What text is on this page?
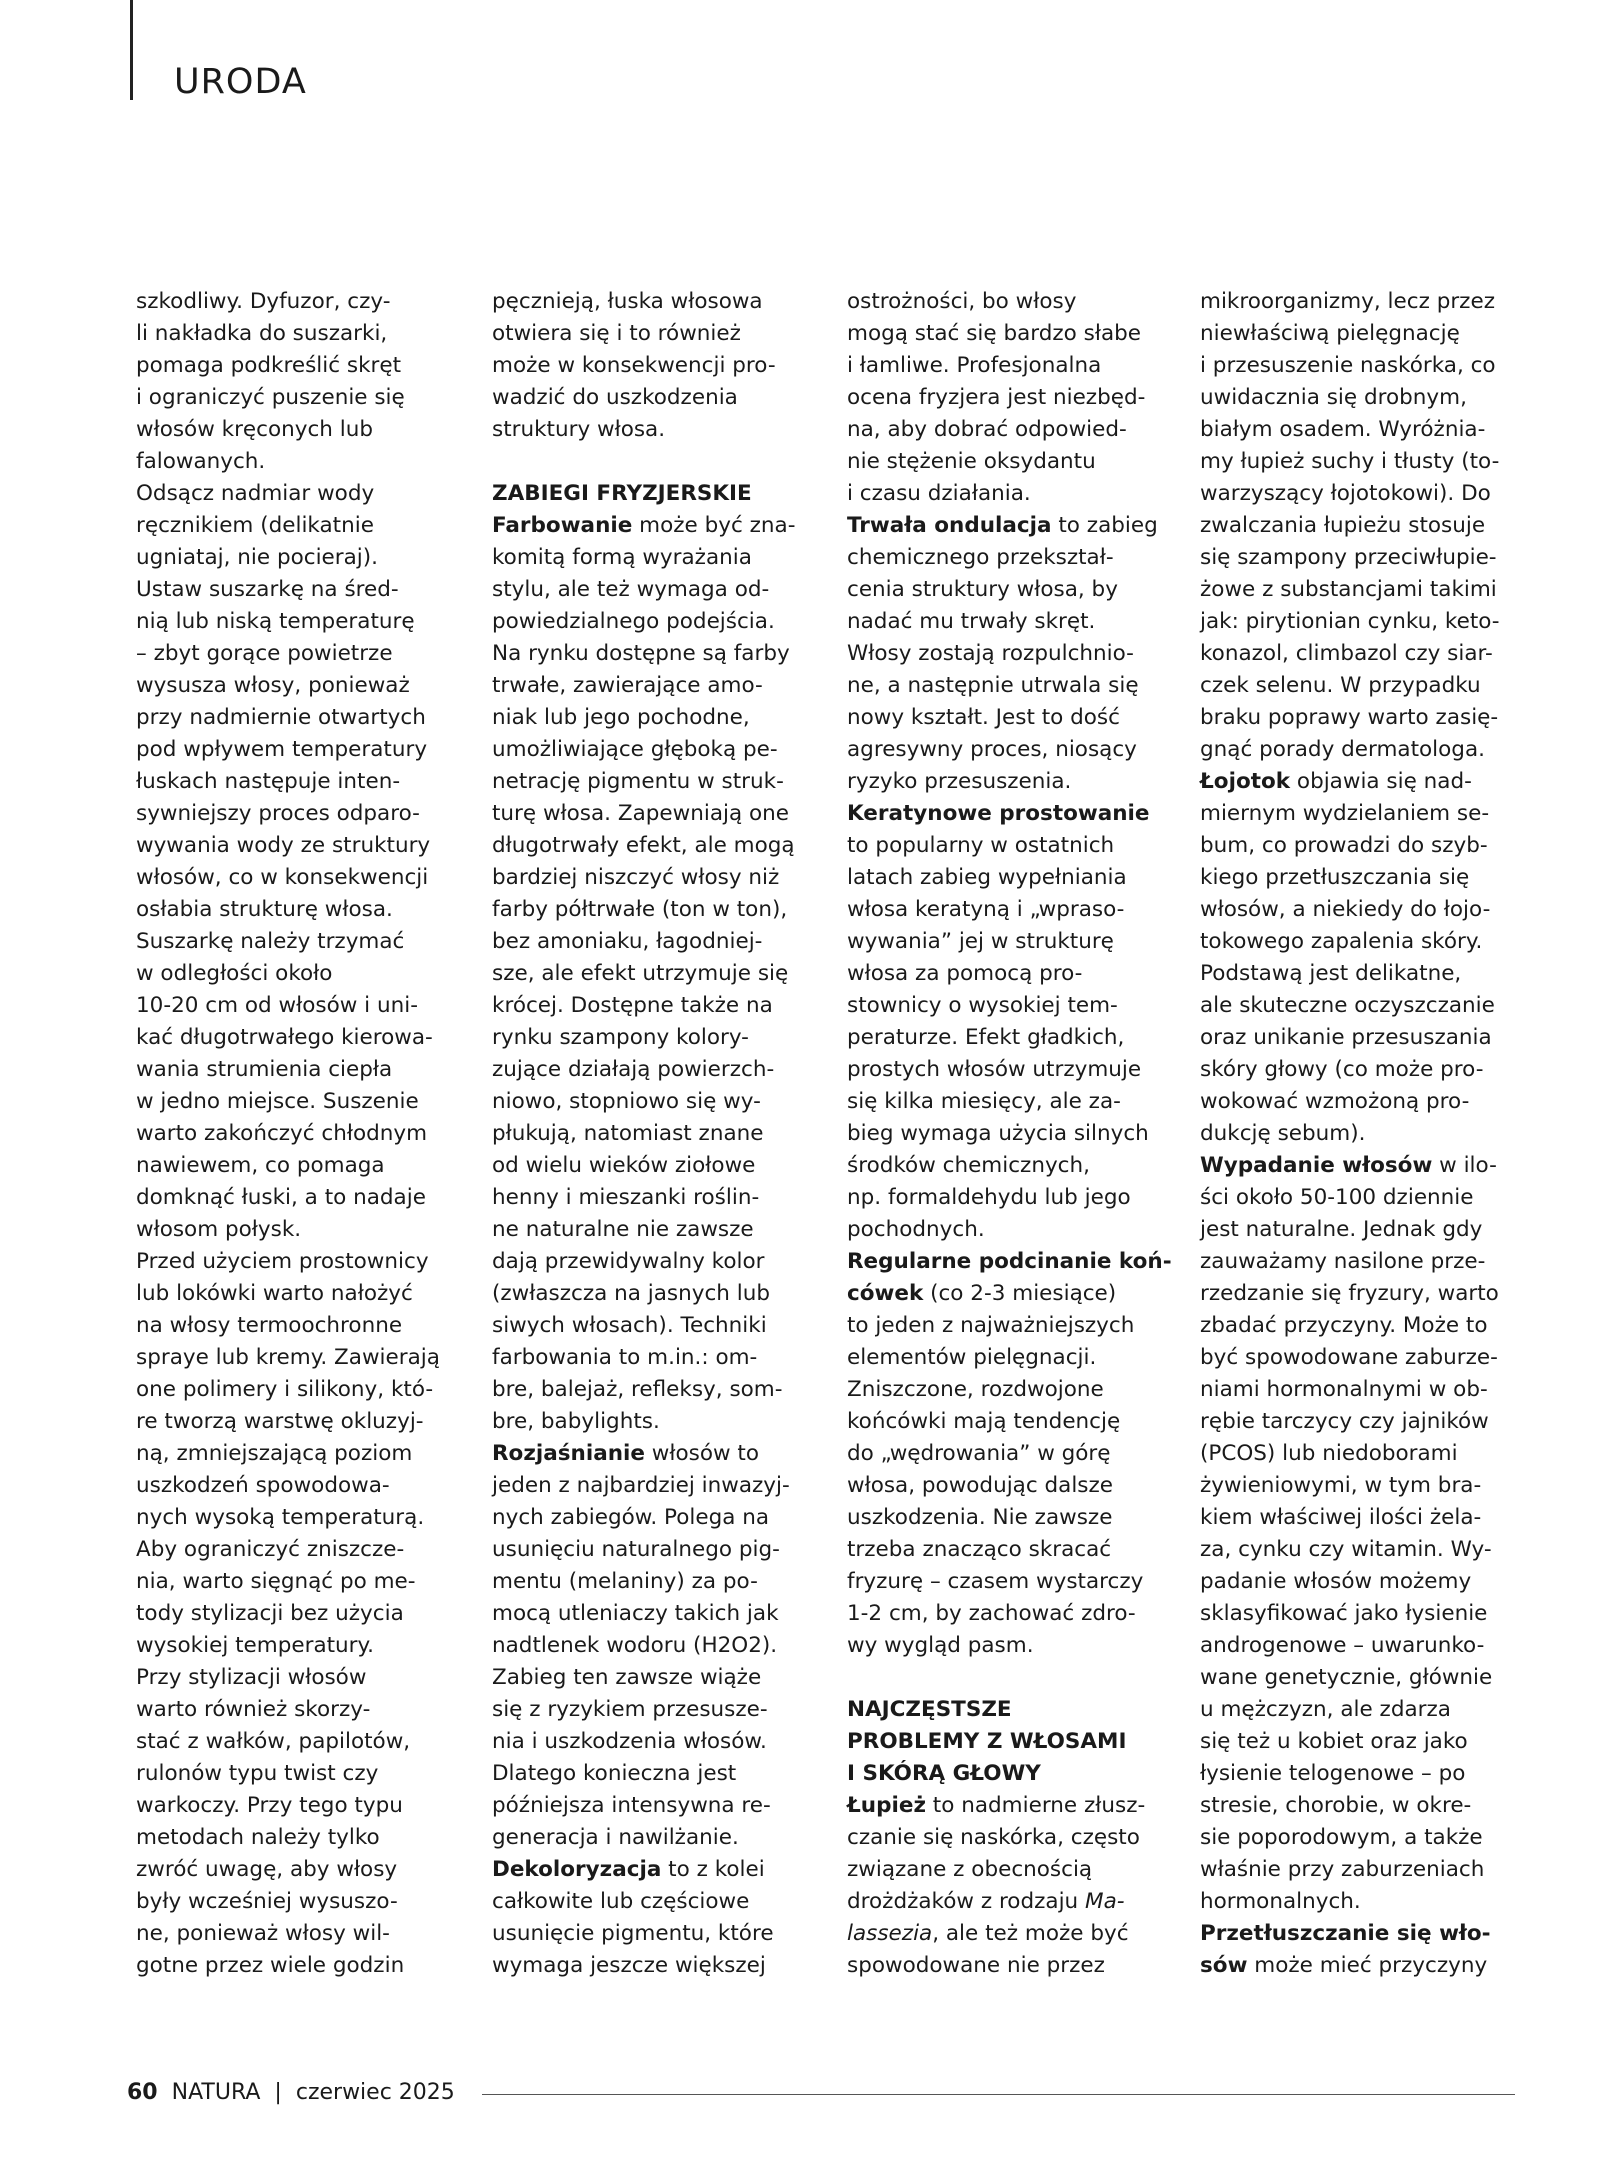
URODA
szkodliwy. Dyfuzor, czy-
li nakładka do suszarki,
pomaga podkreślić skręt
i ograniczyć puszenie się
włosów kręconych lub
falowanych.
Odsącz nadmiar wody
ręcznikiem (delikatnie
ugniataj, nie pocieraj).
Ustaw suszarkę na śred-
nią lub niską temperaturę
– zbyt gorące powietrze
wysusza włosy, ponieważ
przy nadmiernie otwartych
pod wpływem temperatury
łuskach następuje inten-
sywniejszy proces odparo-
wywania wody ze struktury
włosów, co w konsekwencji
osłabia strukturę włosa.
Suszarkę należy trzymać
w odległości około
10-20 cm od włosów i uni-
kać długotrwałego kierowa-
wania strumienia ciepła
w jedno miejsce. Suszenie
warto zakończyć chłodnym
nawiewem, co pomaga
domknąć łuski, a to nadaje
włosom połysk.
Przed użyciem prostownicy
lub lokówki warto nałożyć
na włosy termoochronne
spraye lub kremy. Zawierają
one polimery i silikony, któ-
re tworzą warstwę okluzyj-
ną, zmniejszającą poziom
uszkodzeń spowodowa-
nych wysoką temperaturą.
Aby ograniczyć zniszcze-
nia, warto sięgnąć po me-
tody stylizacji bez użycia
wysokiej temperatury.
Przy stylizacji włosów
warto również skorzy-
stać z wałków, papilotów,
rulonów typu twist czy
warkoczy. Przy tego typu
metodach należy tylko
zwróć uwagę, aby włosy
były wcześniej wysuszo-
ne, ponieważ włosy wil-
gotne przez wiele godzin
pęcznieją, łuska włosowa
otwiera się i to również
może w konsekwencji pro-
wadzić do uszkodzenia
struktury włosa.
ZABIEGI FRYZJERSKIE
Farbowanie może być zna-
komitą formą wyrażania
stylu, ale też wymaga od-
powiedzialnego podejścia.
Na rynku dostępne są farby
trwałe, zawierające amo-
niak lub jego pochodne,
umożliwiające głęboką pe-
netrację pigmentu w struk-
turę włosa. Zapewniają one
długotrwały efekt, ale mogą
bardziej niszczyć włosy niż
farby półtrwałe (ton w ton),
bez amoniaku, łagodniej-
sze, ale efekt utrzymuje się
krócej. Dostępne także na
rynku szampony kolory-
zujące działają powierzch-
niowo, stopniowo się wy-
płukują, natomiast znane
od wielu wieków ziołowe
henny i mieszanki roślin-
ne naturalne nie zawsze
dają przewidywalny kolor
(zwłaszcza na jasnych lub
siwych włosach). Techniki
farbowania to m.in.: om-
bre, balejaż, refleksy, som-
bre, babylights.
Rozjaśnianie włosów to
jeden z najbardziej inwazyj-
nych zabiegów. Polega na
usunięciu naturalnego pig-
mentu (melaniny) za po-
mocą utleniaczy takich jak
nadtlenek wodoru (H2O2).
Zabieg ten zawsze wiąże
się z ryzykiem przesusze-
nia i uszkodzenia włosów.
Dlatego konieczna jest
późniejsza intensywna re-
generacja i nawilżanie.
Dekoloryzacja to z kolei
całkowite lub częściowe
usunięcie pigmentu, które
wymaga jeszcze większej
ostrożności, bo włosy
mogą stać się bardzo słabe
i łamliwe. Profesjonalna
ocena fryzjera jest niezbęd-
na, aby dobrać odpowied-
nie stężenie oksydantu
i czasu działania.
Trwała ondulacja to zabieg
chemicznego przekształ-
cenia struktury włosa, by
nadać mu trwały skręt.
Włosy zostają rozpulchnio-
ne, a następnie utrwala się
nowy kształt. Jest to dość
agresywny proces, niosący
ryzyko przesuszenia.
Keratynowe prostowanie
to popularny w ostatnich
latach zabieg wypełniania
włosa keratyną i „wpraso-
wywania” jej w strukturę
włosa za pomocą pro-
stownicy o wysokiej tem-
peraturze. Efekt gładkich,
prostych włosów utrzymuje
się kilka miesięcy, ale za-
bieg wymaga użycia silnych
środków chemicznych,
np. formaldehydu lub jego
pochodnych.
Regularne podcinanie koń-
cówek (co 2-3 miesiące)
to jeden z najważniejszych
elementów pielęgnacji.
Zniszczone, rozdwojone
końcówki mają tendencję
do „wędrowania” w górę
włosa, powodując dalsze
uszkodzenia. Nie zawsze
trzeba znacząco skracać
fryzurę – czasem wystarczy
1-2 cm, by zachować zdro-
wy wygląd pasm.
NAJCZĘSTSZE
PROBLEMY Z WŁOSAMI
I SKÓRĄ GŁOWY
Łupież to nadmierne złusz-
czanie się naskórka, często
związane z obecnością
drożdżaków z rodzaju Ma-
lassezia, ale też może być
spowodowane nie przez
mikroorganizmy, lecz przez
niewłaściwą pielęgnację
i przesuszenie naskórka, co
uwidacznia się drobnym,
białym osadem. Wyróżnia-
my łupież suchy i tłusty (to-
warzyszący łojotokowi). Do
zwalczania łupieżu stosuje
się szampony przeciwłupie-
żowe z substancjami takimi
jak: pirytionian cynku, keto-
konazol, climbazol czy siar-
czek selenu. W przypadku
braku poprawy warto zasię-
gnąć porady dermatologa.
Łojotok objawia się nad-
miernym wydzielaniem se-
bum, co prowadzi do szyb-
kiego przetłuszczania się
włosów, a niekiedy do łojo-
tokowego zapalenia skóry.
Podstawą jest delikatne,
ale skuteczne oczyszczanie
oraz unikanie przesuszania
skóry głowy (co może pro-
wokować wzmożoną pro-
dukcję sebum).
Wypadanie włosów w ilo-
ści około 50-100 dziennie
jest naturalne. Jednak gdy
zauważamy nasilone prze-
rzedzanie się fryzury, warto
zbadać przyczyny. Może to
być spowodowane zaburze-
niami hormonalnymi w ob-
rębie tarczycy czy jajników
(PCOS) lub niedoborami
żywieniowymi, w tym bra-
kiem właściwej ilości żela-
za, cynku czy witamin. Wy-
padanie włosów możemy
sklasyfikować jako łysienie
androgenowe – uwarunko-
wane genetycznie, głównie
u mężczyzn, ale zdarza
się też u kobiet oraz jako
łysienie telogenowe – po
stresie, chorobie, w okre-
sie poporodowym, a także
właśnie przy zaburzeniach
hormonalnych.
Przetłuszczanie się wło-
sów może mieć przyczyny
60 NATURA | czerwiec 2025
